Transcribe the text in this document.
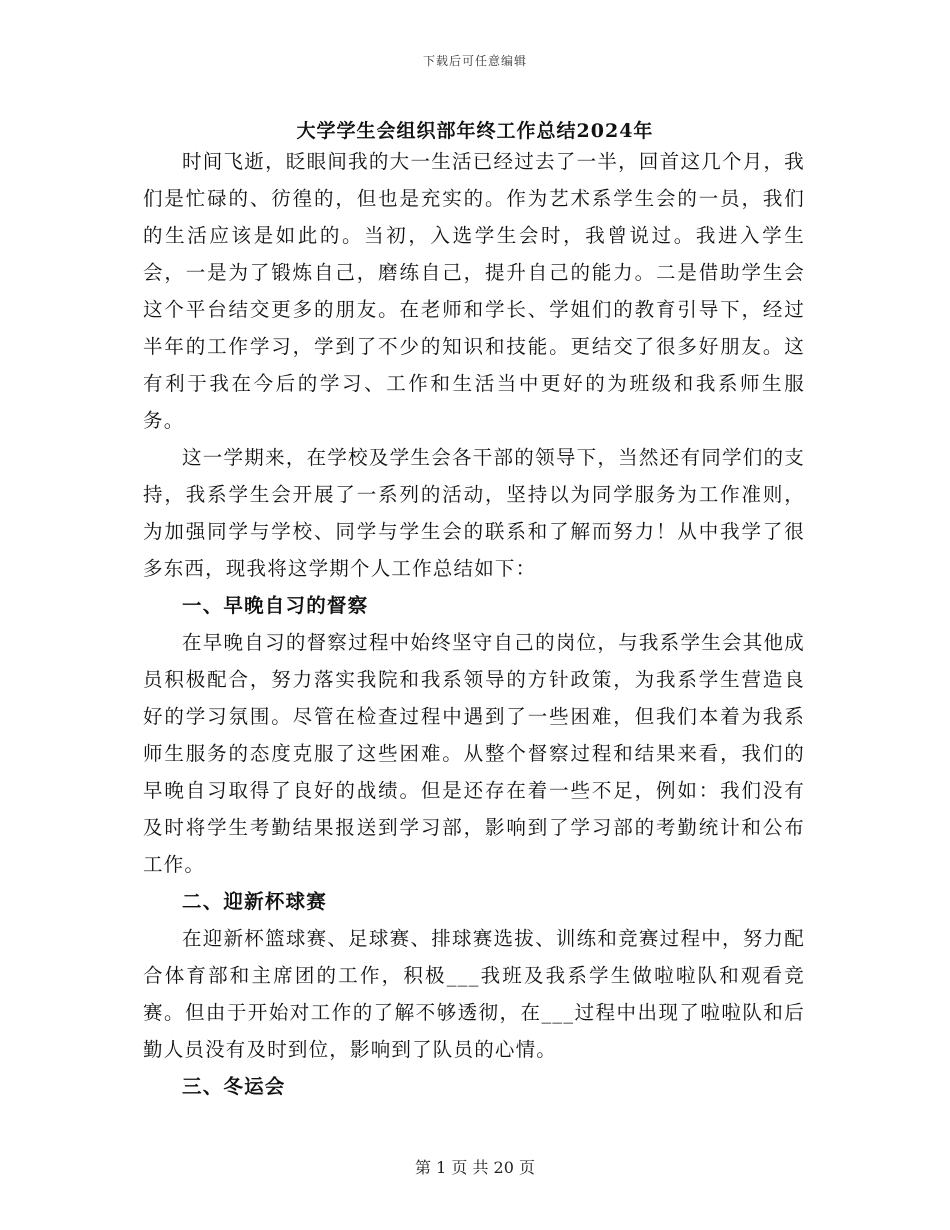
下载后可任意编辑
大学学生会组织部年终工作总结2024年

时间飞逝，眨眼间我的大一生活已经过去了一半，回首这几个月，我们是忙碌的、彷徨的，但也是充实的。作为艺术系学生会的一员，我们的生活应该是如此的。当初，入选学生会时，我曾说过。我进入学生会，一是为了锻炼自己，磨练自己，提升自己的能力。二是借助学生会这个平台结交更多的朋友。在老师和学长、学姐们的教育引导下，经过半年的工作学习，学到了不少的知识和技能。更结交了很多好朋友。这有利于我在今后的学习、工作和生活当中更好的为班级和我系师生服务。

这一学期来，在学校及学生会各干部的领导下，当然还有同学们的支持，我系学生会开展了一系列的活动，坚持以为同学服务为工作准则，为加强同学与学校、同学与学生会的联系和了解而努力！从中我学了很多东西，现我将这学期个人工作总结如下：

一、早晚自习的督察

在早晚自习的督察过程中始终坚守自己的岗位，与我系学生会其他成员积极配合，努力落实我院和我系领导的方针政策，为我系学生营造良好的学习氛围。尽管在检查过程中遇到了一些困难，但我们本着为我系师生服务的态度克服了这些困难。从整个督察过程和结果来看，我们的早晚自习取得了良好的战绩。但是还存在着一些不足，例如：我们没有及时将学生考勤结果报送到学习部，影响到了学习部的考勤统计和公布工作。

二、迎新杯球赛

在迎新杯篮球赛、足球赛、排球赛选拔、训练和竞赛过程中，努力配合体育部和主席团的工作，积极___我班及我系学生做啦啦队和观看竞赛。但由于开始对工作的了解不够透彻，在___过程中出现了啦啦队和后勤人员没有及时到位，影响到了队员的心情。

三、冬运会
第 1 页 共 20 页
